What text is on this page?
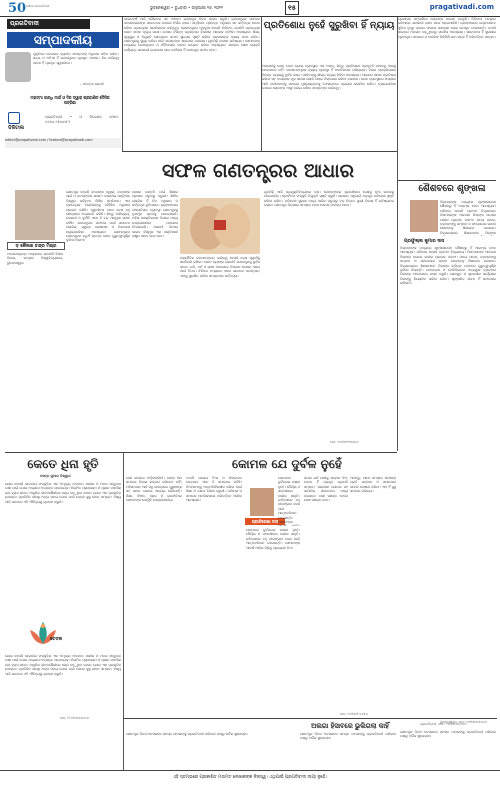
50 ବର୍ଷରେ ପ୍ରଗତିବାଦୀ	ଭୁବନେଶ୍ୱର • ବୁଧବାର • ଜାନୁଆରୀ ୨୬, ୨୦୨୨	୧୫	pragativadi.com
ପ୍ରଗତିବାଦୀ
ସମ୍ପାଦକୀୟ
ମୁକ୍ତିରେ ଭେଦଭାବ ବ୍ୟତୀତ ସମସ୍ତଙ୍କ ଅଧିକାର ରହିବା ଉଚିତ। ସତ୍ୟ ଓ ଅହିଂସା ହିଁ ଗଣତନ୍ତ୍ରର ପ୍ରକୃତ ଆଧାର। ନିଜ ଦାୟିତ୍ୱ ପାଳନ ହିଁ ପ୍ରକୃତ ସ୍ୱାଧୀନତା।
– ମହାତ୍ମା ଗାନ୍ଧୀ
ମହାତ୍ମା ଗାନ୍ଧି ମାର୍ଗ ଓ ଦିନ ଦ୍ୱାରା ପ୍ରକାଶିତ ଦୈନିକ ପତ୍ରିକା
ଡିଜିଟାଲ
ପ୍ରଗତିବାଦୀ • ଓ ନିଦେଶକ ଫୋନ: ୦୬୭୪-୨୫୪୪୭୮୧
editor@pragativadi.com / feature@pragativadi.com
ଭାରତବର୍ଷ ଆଜି ଗୌରବର ସହ ୭୩ତମ ଗଣତନ୍ତ୍ର ଦିବସ ପାଳନ କରୁଛି। ଗଣତନ୍ତ୍ରର ସଫଳତା ଜନସାଧାରଣଙ୍କ ସଚେତନତା ଉପରେ ନିର୍ଭର କରେ। ସମ୍ବିଧାନ ପ୍ରଦତ୍ତ ଅଧିକାର ସହ କର୍ତ୍ତବ୍ୟ ପାଳନ କରିବା ପ୍ରତ୍ୟେକ ନାଗରିକଙ୍କ ଦାୟିତ୍ୱ। ଲୋକତନ୍ତ୍ରର ମୂଳଦୁଆ ହେଉଛି ନିର୍ବାଚନ, ଯେଉଁଠି ପ୍ରତ୍ୟେକ ଭୋଟ ସମାନ ମୂଲ୍ୟ ରଖେ। ଦେଶର ବିଭିନ୍ନ ପ୍ରାନ୍ତରେ ବିକାଶର ଆଲୋକ ପହଞ୍ଚିବା ଆବଶ୍ୟକ। ଶିକ୍ଷା, ସ୍ୱାସ୍ଥ୍ୟ ଓ ନିଯୁକ୍ତି କ୍ଷେତ୍ରରେ ସମାନ ସୁଯୋଗ ସୃଷ୍ଟି କରିବା ସରକାରଙ୍କ ଲକ୍ଷ୍ୟ ହେବା ଉଚିତ। ଗଣତନ୍ତ୍ରକୁ ସୁଦୃଢ଼ କରିବା ପାଇଁ ସମସ୍ତଙ୍କ ସହଯୋଗ ଦରକାର। ଯୁବପିଢ଼ି ଦେଶର ଭବିଷ୍ୟତ। ସେମାନଙ୍କ ମଧ୍ୟରେ ଦେଶପ୍ରେମ ଓ ନୈତିକତାର ଭାବନା ଜାଗ୍ରତ କରିବା ଆବଶ୍ୟକ। ସମାଜର ଶେଷ ବ୍ୟକ୍ତି ପର୍ଯ୍ୟନ୍ତ ସରକାରୀ ଯୋଜନାର ଲାଭ ପହଞ୍ଚିଲେ ହିଁ ଗଣତନ୍ତ୍ର ସଫଳ ହେବ।
ପ୍ରତିଶୋଧ ନୁହେଁ ସୁରୁଖିବା ହିଁ ନ୍ୟାୟ
ଅପରାଧୀକୁ ଦଣ୍ଡ ଦେବା ନ୍ୟାୟ ବ୍ୟବସ୍ଥାର ଏକ ଅଙ୍ଗ, କିନ୍ତୁ ପ୍ରତିଶୋଧ ପ୍ରବୃତ୍ତି ସମାଜକୁ ଆଗକୁ ନେଇପାରେ ନାହିଁ। ସଂଶୋଧନମୂଳକ ନ୍ୟାୟ ବ୍ୟବସ୍ଥା ହିଁ ମାନବିକତାର ପରିଚାୟକ। ବିଚାର ପ୍ରକ୍ରିୟାରେ ବିଳମ୍ବ ନ୍ୟାୟକୁ ଦୁର୍ବଳ କରେ। ପୀଡ଼ିତଙ୍କୁ ଶୀଘ୍ର ନ୍ୟାୟ ମିଳିବା ଆବଶ୍ୟକ। ଆଇନର ଶାସନ ପ୍ରତିଷ୍ଠା କରିବା ସହ ଅପରାଧର ମୂଳ କାରଣ ଖୋଜି ତାହାର ନିରାକରଣ କରିବା ଦରକାର। ଜେଲ ବ୍ୟବସ୍ଥାରେ ସଂସ୍କାର ଆଣି ବନ୍ଦୀମାନଙ୍କୁ ସମାଜର ମୁଖ୍ୟସ୍ରୋତକୁ ଫେରାଇବାର ପ୍ରୟାସ କରାଯିବା ଉଚିତ। ନ୍ୟାୟପାଳିକା ଉପରେ ଲୋକଙ୍କ ଆସ୍ଥା ବଜାୟ ରଖିବା ସମସ୍ତଙ୍କ ଦାୟିତ୍ୱ।
ପ୍ରଶାସନ ସମ୍ପର୍କରେ ଲୋକଙ୍କ ଧାରଣା ବଦଳୁଛି। ଡିଜିଟାଲ ମାଧ୍ୟମ ଜରିଆରେ ସରକାରୀ ସେବା ସହଜ ହୋଇପାରିଛି। ଗ୍ରାମାଞ୍ଚଳରେ ଇଣ୍ଟରନେଟ ସୁବିଧା ବୃଦ୍ଧି ପାଇବା ଫଳରେ ସାଧାରଣ ଲୋକ ଉପକୃତ ହେଉଛନ୍ତି। ତଥାପି ସାଇବର ଅପରାଧ ବଢ଼ୁଥିବାରୁ ସତର୍କତା ଆବଶ୍ୟକ। ସଚେତନତା ହିଁ ସୁରକ୍ଷାର ମୂଳମନ୍ତ୍ର। ସରକାର ଓ ନାଗରିକ ମିଳିମିଶି କାମ କଲେ ହିଁ ପରିବର୍ତ୍ତନ ସମ୍ଭବ।
ଶୈଶବରେ ଶୃଙ୍ଖଳା
ପ୍ରଫୁଲ୍ଲ କୁମାର ଦାସ
ପିଲାମାନଙ୍କ ମଧ୍ୟରେ ଶୃଙ୍ଖଳାବୋଧ ଶୈଶବରୁ ହିଁ ଆରମ୍ଭ ହେବା ଆବଶ୍ୟକ। ପରିବାର ହେଉଛି ପ୍ରଥମ ବିଦ୍ୟାଳୟ। ପିତାମାତାଙ୍କ ଆଚରଣ ପିଲାଙ୍କ ଉପରେ ଗଭୀର ପ୍ରଭାବ ପକାଏ। ସମୟ ପାଳନ, ବଡ଼ମାନଙ୍କୁ ସମ୍ମାନ ଓ ସହଯୋଗର ଭାବନା ଛୋଟବେଳୁ ଶିଖାଇବା ଦରକାର। ବିଦ୍ୟାଳୟରେ ଶିକ୍ଷକମାନେ ପିଲାଙ୍କ
ପିଲାମାନଙ୍କ ମଧ୍ୟରେ ଶୃଙ୍ଖଳାବୋଧ ଶୈଶବରୁ ହିଁ ଆରମ୍ଭ ହେବା ଆବଶ୍ୟକ। ପରିବାର ହେଉଛି ପ୍ରଥମ ବିଦ୍ୟାଳୟ। ପିତାମାତାଙ୍କ ଆଚରଣ ପିଲାଙ୍କ ଉପରେ ଗଭୀର ପ୍ରଭାବ ପକାଏ। ସମୟ ପାଳନ, ବଡ଼ମାନଙ୍କୁ ସମ୍ମାନ ଓ ସହଯୋଗର ଭାବନା ଛୋଟବେଳୁ ଶିଖାଇବା ଦରକାର। ବିଦ୍ୟାଳୟରେ ଶିକ୍ଷକମାନେ ପିଲାଙ୍କ ଚରିତ୍ର ଗଠନରେ ଗୁରୁତ୍ୱପୂର୍ଣ୍ଣ ଭୂମିକା ନିଭାନ୍ତି। ମୋବାଇଲ ଓ ଟେଲିଭିଜନର ଅତ୍ୟଧିକ ବ୍ୟବହାର ପିଲାଙ୍କ ମନୋଯୋଗ ନଷ୍ଟ କରୁଛି। ଖେଳକୁଦ ଓ ସୃଜନଶୀଳ କାର୍ଯ୍ୟରେ ପିଲାଙ୍କୁ ନିୟୋଜିତ କରିବା ଉଚିତ। ଶୃଙ୍ଖଳିତ ଜୀବନ ହିଁ ସଫଳତାର ଚାବିକାଠି।
ଭୁବନେଶ୍ୱର, ମୋ: ୯୪୩୭୦୦୦୦୦
ସଫଳ ଗଣତନ୍ତ୍ରର ଆଧାର
ଡ଼ କୈଳାଶ ଚନ୍ଦ୍ର ମିଶ୍ର
ଅବସରପ୍ରାପ୍ତ ଅଧ୍ୟାପକ, ରାଜନୀତି ବିଜ୍ଞାନ ବିଭାଗ, ଉତ୍କଳ ବିଶ୍ୱବିଦ୍ୟାଳୟ, ଭୁବନେଶ୍ୱର
ଗଣତନ୍ତ୍ର ହେଉଛି ଜନତାଙ୍କ ଦ୍ୱାରା, ଜନତାଙ୍କ ପାଇଁ ଓ ଜନତାଙ୍କର ଶାସନ। ଭାରତୀୟ ସମ୍ବିଧାନ ବିଶ୍ୱର ସର୍ବବୃହତ ଲିଖିତ ସମ୍ବିଧାନ। ଏହା ପ୍ରତ୍ୟେକ ନାଗରିକଙ୍କୁ ମୌଳିକ ଅଧିକାର ପ୍ରଦାନ କରିଛି। ସ୍ୱାଧୀନତା ପରେ ଦେଶ ବହୁ କ୍ଷେତ୍ରରେ ଅଗ୍ରଗତି କରିଛି। କିନ୍ତୁ ଦାରିଦ୍ର୍ୟ, ବେକାରୀ ଓ ଦୁର୍ନୀତି ଏବେ ବି ବଡ଼ ଆହ୍ୱାନ ଭାବେ ରହିଛି। ଗଣତନ୍ତ୍ରର ସଫଳତା ପାଇଁ ସଚେତନ ନାଗରିକ, ସ୍ୱଚ୍ଛ ପ୍ରଶାସନ ଓ ନିରପେକ୍ଷ ନ୍ୟାୟପାଳିକା ଆବଶ୍ୟକ। ଗଣମାଧ୍ୟମ ଗଣତନ୍ତ୍ରର ଚତୁର୍ଥ ସ୍ତମ୍ଭ ଭାବେ ଗୁରୁତ୍ୱପୂର୍ଣ୍ଣ ଭୂମିକା ନିଭାଏ।
ଦେଶର ଉନ୍ନତି ପାଇଁ ଶିକ୍ଷାର ପ୍ରସାର ସବୁଠାରୁ ଜରୁରୀ। ଶିକ୍ଷିତ ନାଗରିକ ହିଁ ନିଜ ଅଧିକାର ଓ କର୍ତ୍ତବ୍ୟ ବୁଝିପାରେ। ଗ୍ରାମାଞ୍ଚଳରେ ପଞ୍ଚାୟତିରାଜ ବ୍ୟବସ୍ଥା ଗଣତନ୍ତ୍ରକୁ ତୃଣମୂଳ ସ୍ତରକୁ ନେଇଯାଇଛି। ମହିଳା ସଶକ୍ତିକରଣ ଦିଗରେ ମଧ୍ୟ ଉଲ୍ଲେଖନୀୟ ପଦକ୍ଷେପ ନିଆଯାଇଛି। ଆଗାମୀ ଦିନରେ ଭାରତ ବିଶ୍ୱର ଏକ ଶକ୍ତିଶାଳୀ ରାଷ୍ଟ୍ର ଭାବେ ଉଭା ହେବ।
ରାଜନୈତିକ ଦଳମାନଙ୍କର ଦାୟିତ୍ୱ ହେଉଛି ଦେଶ ସ୍ୱାର୍ଥକୁ ସର୍ବୋପରି ରଖିବା। ଭୋଟ ବ୍ୟାଙ୍କ ରାଜନୀତି ଗଣତନ୍ତ୍ରକୁ ଦୁର୍ବଳ କରେ। ଜାତି, ଧର୍ମ ଓ ଭାଷା ଆଧାରରେ ବିଭାଜନ ଦେଶର ଏକତା ପାଇଁ ବିପଦ। ବିବିଧତା ମଧ୍ୟରେ ଏକତା ଭାରତର ପରମ୍ପରା। ଏହାକୁ ସୁରକ୍ଷିତ ରଖିବା ସମସ୍ତଙ୍କ କର୍ତ୍ତବ୍ୟ।
ଯୁବପିଢ଼ି ଆଜି ପ୍ରଯୁକ୍ତିବିଦ୍ୟାରେ ଦକ୍ଷ। ସେମାନଙ୍କର ସୃଜନଶୀଳତା ଦେଶକୁ ନୂଆ ଉଚ୍ଚତାକୁ ନେଇପାରିବ। ଷ୍ଟାର୍ଟଅପ ସଂସ୍କୃତି ନିଯୁକ୍ତି ସୃଷ୍ଟି କରୁଛି। ସରକାର ଏଥିପାଇଁ ଅନୁକୂଳ ପରିବେଶ ସୃଷ୍ଟି କରିବା ଉଚିତ। ପରିବେଶ ସୁରକ୍ଷା ମଧ୍ୟ ଆଜିର ସବୁଠାରୁ ବଡ଼ ଚିନ୍ତା। ସ୍ଥାୟୀ ବିକାଶ ହିଁ ଭବିଷ୍ୟତର ରାସ୍ତା। ଗଣତନ୍ତ୍ର ଦିବସରେ ସମସ୍ତେ ଦେଶ ସେବାର ସଂକଳ୍ପ ନେବା।
ମୋ: ୯୪୩୭୧୨୩୪୫୬
କେତେ ଧିନା ହୃତି
ବସନ୍ତ କୁମାର ବିଶ୍ୱାଳ
ଯୋଗ ହେଉଛି ଭାରତୀୟ ସଂସ୍କୃତିର ଏକ ଅମୂଲ୍ୟ ଅବଦାନ। ଶରୀର ଓ ମନର ସନ୍ତୁଳନ ରକ୍ଷା ପାଇଁ ଯୋଗ ଅଭ୍ୟାସ ଅତ୍ୟନ୍ତ ଲାଭଦାୟକ। ନିୟମିତ ପ୍ରାଣାୟାମ ଓ ଧ୍ୟାନ ମାନସିକ ଚାପ ହ୍ରାସ କରେ। ଆଧୁନିକ ଜୀବନଶୈଳୀରେ ରୋଗ ବଢ଼ୁଥିବା ବେଳେ ଯୋଗ ଏକ ପ୍ରାକୃତିକ ଉପଚାର। ପ୍ରତିଦିନ ସକାଳୁ ଅଳ୍ପ ସମୟ ଯୋଗ ପାଇଁ ଦେଲେ ସୁସ୍ଥ ଜୀବନ ସମ୍ଭବ। ବିଶ୍ୱ ଆଜି ଭାରତର ଏହି ଐତିହ୍ୟକୁ ଗ୍ରହଣ କରୁଛି।
ଚେତନା
ଯୋଗ ହେଉଛି ଭାରତୀୟ ସଂସ୍କୃତିର ଏକ ଅମୂଲ୍ୟ ଅବଦାନ। ଶରୀର ଓ ମନର ସନ୍ତୁଳନ ରକ୍ଷା ପାଇଁ ଯୋଗ ଅଭ୍ୟାସ ଅତ୍ୟନ୍ତ ଲାଭଦାୟକ। ନିୟମିତ ପ୍ରାଣାୟାମ ଓ ଧ୍ୟାନ ମାନସିକ ଚାପ ହ୍ରାସ କରେ। ଆଧୁନିକ ଜୀବନଶୈଳୀରେ ରୋଗ ବଢ଼ୁଥିବା ବେଳେ ଯୋଗ ଏକ ପ୍ରାକୃତିକ ଉପଚାର। ପ୍ରତିଦିନ ସକାଳୁ ଅଳ୍ପ ସମୟ ଯୋଗ ପାଇଁ ଦେଲେ ସୁସ୍ଥ ଜୀବନ ସମ୍ଭବ। ବିଶ୍ୱ ଆଜି ଭାରତର ଏହି ଐତିହ୍ୟକୁ ଗ୍ରହଣ କରୁଛି।
ମୋ: ୯୮୬୧୦୦୦୦୦୦
କୋମଳ ଯେ ଦୁର୍ବଳ ନୁହେଁ
ନାରୀ ସମାଜର ଅର୍ଦ୍ଧାଙ୍ଗିନୀ। ତାଙ୍କ ବିନା ସମାଜର ବିକାଶ କଳ୍ପନା କରିହେବ ନାହିଁ। ମହିଳାମାନେ ଆଜି ସବୁ କ୍ଷେତ୍ରରେ ପୁରୁଷଙ୍କ ସହ ସମାନ ତାଳରେ ଆଗେଇ ଚାଲିଛନ୍ତି। ଶିକ୍ଷା, ବିଜ୍ଞାନ, ଖେଳ ଓ ରାଜନୀତିରେ ସେମାନଙ୍କ ଉପସ୍ଥିତି ଉଲ୍ଲେଖନୀୟ।
ତଥାପି ଘରୋଇ ହିଂସା ଓ ଲିଙ୍ଗଗତ ଭେଦଭାବ ଏବେ ବି ସମାଜରେ ରହିଛି। ଝିଅମାନଙ୍କୁ ଆତ୍ମନିର୍ଭରଶୀଳ କରିବା ପାଇଁ ଶିକ୍ଷା ଓ ଦକ୍ଷତା ବିକାଶ ଜରୁରୀ। ପରିବାର ଓ ସମାଜର ମାନସିକତାରେ ପରିବର୍ତ୍ତନ ଆଣିବା ଆବଶ୍ୟକ।
ପ୍ରୀତିରେଖା ଦାସ
କୋମଳତା ଦୁର୍ବଳତାର ଲକ୍ଷଣ ନୁହେଁ। ଧୈର୍ଯ୍ୟ ଓ ସହନଶୀଳତା ନାରୀର ଶକ୍ତି। ଇତିହାସରେ ବହୁ ବୀରାଙ୍ଗନା ଦେଶ ପାଇଁ ଆତ୍ମବଳିଦାନ ଦେଇଛନ୍ତି। ସେମାନଙ୍କ ଆଦର୍ଶ ଆଜିର ପିଢ଼ିକୁ ପ୍ରେରଣା ଦିଏ।
କୋମଳତା ଦୁର୍ବଳତାର ଲକ୍ଷଣ ନୁହେଁ। ଧୈର୍ଯ୍ୟ ଓ ସହନଶୀଳତା ନାରୀର ଶକ୍ତି। ଇତିହାସରେ ବହୁ ବୀରାଙ୍ଗନା ଦେଶ ପାଇଁ ଆତ୍ମବଳିଦାନ ଦେଇଛନ୍ତି। ସେମାନଙ୍କ
ସମାଜ ଯଦି ନାରୀକୁ ସମ୍ମାନ ଦିଏ, ତେବେ ହିଁ ପ୍ରକୃତ ପ୍ରଗତି ସମ୍ଭବ। ସରକାରୀ ଯୋଜନା ସହ ସାମାଜିକ ସଚେତନତା ମଧ୍ୟ ଦରକାର। ନାରୀ ସଶକ୍ତ ହେଲେ ଦେଶ ସଶକ୍ତ ହେବ।
ଆସନ୍ତୁ, ଆମେ ସମସ୍ତେ ନାରୀଙ୍କ ପ୍ରତି ସମ୍ମାନ ଓ ସମାନତାର ଭାବନା ପୋଷଣ କରିବା। ଏହା ହିଁ ସୁସ୍ଥ ସମାଜର ପରିଚୟ।
ମୋ: ୯୪୩୭୯୮୭୬୫୪
ଅଲଗା ହିସାବରେ ଭୁଲିଗଲା କାହିଁ
ଗଣତନ୍ତ୍ର ଦିବସ ଅବସରରେ ସମସ୍ତ ପାଠକଙ୍କୁ ପ୍ରଗତିବାଦୀ ପରିବାର ପକ୍ଷରୁ ହାର୍ଦ୍ଦିକ ଶୁଭେଚ୍ଛା।	ଗଣତନ୍ତ୍ର ଦିବସ ଅବସରରେ ସମସ୍ତ ପାଠକଙ୍କୁ ପ୍ରଗତିବାଦୀ ପରିବାର ପକ୍ଷରୁ ହାର୍ଦ୍ଦିକ ଶୁଭେଚ୍ଛା।
ପ୍ରଗତିବାଦୀ, ମୋ: ୯୪୩୭୦୦୦୦୦
ଗଣତନ୍ତ୍ର ଦିବସ ଅବସରରେ ସମସ୍ତ ପାଠକଙ୍କୁ ପ୍ରଗତିବାଦୀ ପରିବାର ପକ୍ଷରୁ ହାର୍ଦ୍ଦିକ ଶୁଭେଚ୍ଛା।
ଏହି ସ୍ତମ୍ଭରେ ପ୍ରକାଶିତ ମତାମତ ଲେଖକଙ୍କ ନିଜସ୍ୱ। ଏଥିପାଇଁ ପ୍ରଗତିବାଦୀ ଦାୟୀ ନୁହେଁ।
